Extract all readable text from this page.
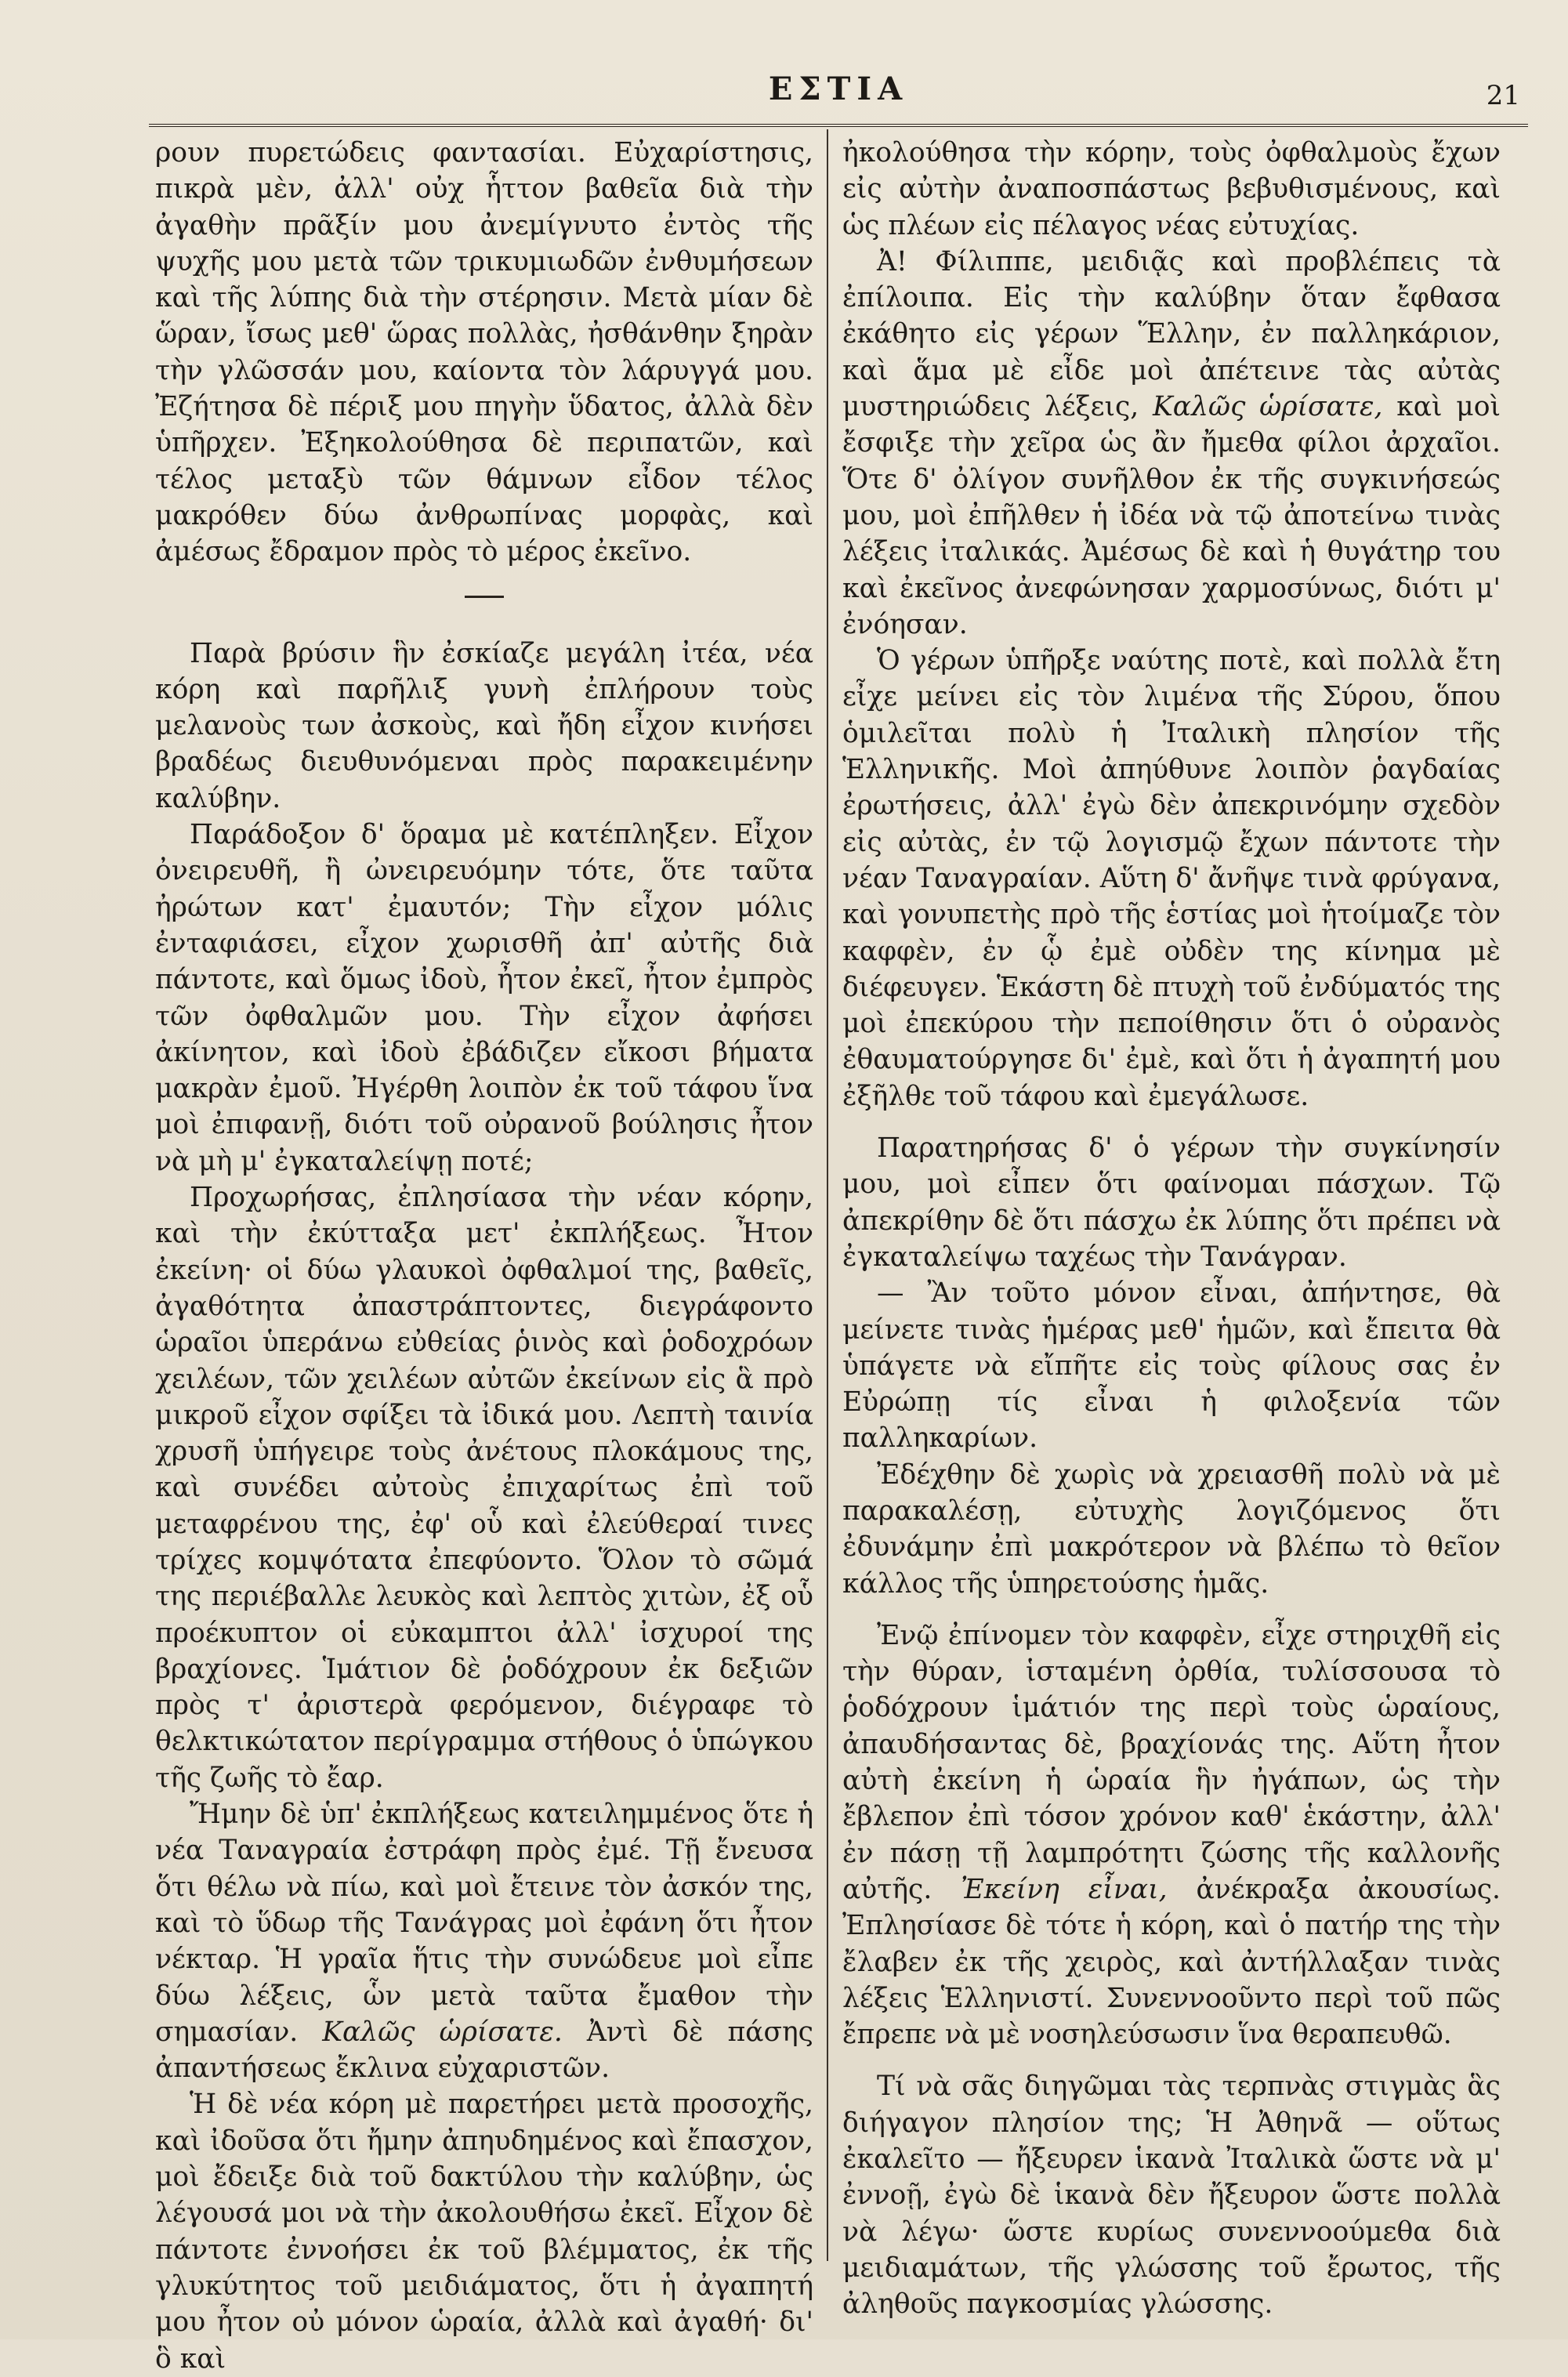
ΕΣΤΙΑ	21

ρουν πυρετώδεις φαντασίαι. Εὐχαρίστησις, πικρὰ μὲν, ἀλλ' οὐχ ἧττον βαθεῖα διὰ τὴν ἀγαθὴν πρᾶξίν μου ἀνεμίγνυτο ἐντὸς τῆς ψυχῆς μου μετὰ τῶν τρικυμιωδῶν ἐνθυμήσεων καὶ τῆς λύπης διὰ τὴν στέρησιν. Μετὰ μίαν δὲ ὥραν, ἴσως μεθ' ὥρας πολλὰς, ἠσθάνθην ξηρὰν τὴν γλῶσσάν μου, καίοντα τὸν λάρυγγά μου. Ἐζήτησα δὲ πέριξ μου πηγὴν ὕδατος, ἀλλὰ δὲν ὑπῆρχεν. Ἐξηκολούθησα δὲ περιπατῶν, καὶ τέλος μεταξὺ τῶν θάμνων εἶδον τέλος μακρόθεν δύω ἀνθρωπίνας μορφὰς, καὶ ἀμέσως ἔδραμον πρὸς τὸ μέρος ἐκεῖνο.

Παρὰ βρύσιν ἣν ἐσκίαζε μεγάλη ἰτέα, νέα κόρη καὶ παρῆλιξ γυνὴ ἐπλήρουν τοὺς μελανοὺς των ἀσκοὺς, καὶ ἤδη εἶχον κινήσει βραδέως διευθυνόμεναι πρὸς παρακειμένην καλύβην.

Παράδοξον δ' ὅραμα μὲ κατέπληξεν. Εἶχον ὀνειρευθῆ, ἢ ὠνειρευόμην τότε, ὅτε ταῦτα ἠρώτων κατ' ἐμαυτόν; Τὴν εἶχον μόλις ἐνταφιάσει, εἶχον χωρισθῆ ἀπ' αὐτῆς διὰ πάντοτε, καὶ ὅμως ἰδοὺ, ἦτον ἐκεῖ, ἦτον ἐμπρὸς τῶν ὀφθαλμῶν μου. Τὴν εἶχον ἀφήσει ἀκίνητον, καὶ ἰδοὺ ἐβάδιζεν εἴκοσι βήματα μακρὰν ἐμοῦ. Ἠγέρθη λοιπὸν ἐκ τοῦ τάφου ἵνα μοὶ ἐπιφανῇ, διότι τοῦ οὐρανοῦ βούλησις ἦτον νὰ μὴ μ' ἐγκαταλείψῃ ποτέ;

Προχωρήσας, ἐπλησίασα τὴν νέαν κόρην, καὶ τὴν ἐκύτταξα μετ' ἐκπλήξεως. Ἦτον ἐκείνη· οἱ δύω γλαυκοὶ ὀφθαλμοί της, βαθεῖς, ἀγαθότητα ἀπαστράπτοντες, διεγράφοντο ὡραῖοι ὑπεράνω εὐθείας ῥινὸς καὶ ῥοδοχρόων χειλέων, τῶν χειλέων αὐτῶν ἐκείνων εἰς ἃ πρὸ μικροῦ εἶχον σφίξει τὰ ἰδικά μου. Λεπτὴ ταινία χρυσῆ ὑπήγειρε τοὺς ἀνέτους πλοκάμους της, καὶ συνέδει αὐτοὺς ἐπιχαρίτως ἐπὶ τοῦ μεταφρένου της, ἐφ' οὗ καὶ ἐλεύθεραί τινες τρίχες κομψότατα ἐπεφύοντο. Ὅλον τὸ σῶμά της περιέβαλλε λευκὸς καὶ λεπτὸς χιτὼν, ἐξ οὗ προέκυπτον οἱ εὐκαμπτοι ἀλλ' ἰσχυροί της βραχίονες. Ἱμάτιον δὲ ῥοδόχρουν ἐκ δεξιῶν πρὸς τ' ἀριστερὰ φερόμενον, διέγραφε τὸ θελκτικώτατον περίγραμμα στήθους ὁ ὑπώγκου τῆς ζωῆς τὸ ἔαρ.

Ἤμην δὲ ὑπ' ἐκπλήξεως κατειλημμένος ὅτε ἡ νέα Ταναγραία ἐστράφη πρὸς ἐμέ. Τῇ ἔνευσα ὅτι θέλω νὰ πίω, καὶ μοὶ ἔτεινε τὸν ἀσκόν της, καὶ τὸ ὕδωρ τῆς Τανάγρας μοὶ ἐφάνη ὅτι ἦτον νέκταρ. Ἡ γραῖα ἥτις τὴν συνώδευε μοὶ εἶπε δύω λέξεις, ὧν μετὰ ταῦτα ἔμαθον τὴν σημασίαν. Καλῶς ὡρίσατε. Ἀντὶ δὲ πάσης ἀπαντήσεως ἔκλινα εὐχαριστῶν.

Ἡ δὲ νέα κόρη μὲ παρετήρει μετὰ προσοχῆς, καὶ ἰδοῦσα ὅτι ἤμην ἀπηυδημένος καὶ ἔπασχον, μοὶ ἔδειξε διὰ τοῦ δακτύλου τὴν καλύβην, ὡς λέγουσά μοι νὰ τὴν ἀκολουθήσω ἐκεῖ. Εἶχον δὲ πάντοτε ἐννοήσει ἐκ τοῦ βλέμματος, ἐκ τῆς γλυκύτητος τοῦ μειδιάματος, ὅτι ἡ ἀγαπητή μου ἦτον οὐ μόνον ὡραία, ἀλλὰ καὶ ἀγαθή· δι' ὃ καὶ

ἠκολούθησα τὴν κόρην, τοὺς ὀφθαλμοὺς ἔχων εἰς αὐτὴν ἀναποσπάστως βεβυθισμένους, καὶ ὡς πλέων εἰς πέλαγος νέας εὐτυχίας.

Ἀ! Φίλιππε, μειδιᾷς καὶ προβλέπεις τὰ ἐπίλοιπα. Εἰς τὴν καλύβην ὅταν ἔφθασα ἐκάθητο εἰς γέρων Ἕλλην, ἐν παλληκάριον, καὶ ἅμα μὲ εἶδε μοὶ ἀπέτεινε τὰς αὐτὰς μυστηριώδεις λέξεις, Καλῶς ὡρίσατε, καὶ μοὶ ἔσφιξε τὴν χεῖρα ὡς ἂν ἤμεθα φίλοι ἀρχαῖοι. Ὅτε δ' ὀλίγον συνῆλθον ἐκ τῆς συγκινήσεώς μου, μοὶ ἐπῆλθεν ἡ ἰδέα νὰ τῷ ἀποτείνω τινὰς λέξεις ἰταλικάς. Ἀμέσως δὲ καὶ ἡ θυγάτηρ του καὶ ἐκεῖνος ἀνεφώνησαν χαρμοσύνως, διότι μ' ἐνόησαν.

Ὁ γέρων ὑπῆρξε ναύτης ποτὲ, καὶ πολλὰ ἔτη εἶχε μείνει εἰς τὸν λιμένα τῆς Σύρου, ὅπου ὁμιλεῖται πολὺ ἡ Ἰταλικὴ πλησίον τῆς Ἑλληνικῆς. Μοὶ ἀπηύθυνε λοιπὸν ῥαγδαίας ἐρωτήσεις, ἀλλ' ἐγὼ δὲν ἀπεκρινόμην σχεδὸν εἰς αὐτὰς, ἐν τῷ λογισμῷ ἔχων πάντοτε τὴν νέαν Ταναγραίαν. Αὕτη δ' ἄνῆψε τινὰ φρύγανα, καὶ γονυπετὴς πρὸ τῆς ἑστίας μοὶ ἡτοίμαζε τὸν καφφὲν, ἐν ᾧ ἐμὲ οὐδὲν της κίνημα μὲ διέφευγεν. Ἑκάστη δὲ πτυχὴ τοῦ ἐνδύματός της μοὶ ἐπεκύρου τὴν πεποίθησιν ὅτι ὁ οὐρανὸς ἐθαυματούργησε δι' ἐμὲ, καὶ ὅτι ἡ ἀγαπητή μου ἐξῆλθε τοῦ τάφου καὶ ἐμεγάλωσε.

Παρατηρήσας δ' ὁ γέρων τὴν συγκίνησίν μου, μοὶ εἶπεν ὅτι φαίνομαι πάσχων. Τῷ ἀπεκρίθην δὲ ὅτι πάσχω ἐκ λύπης ὅτι πρέπει νὰ ἐγκαταλείψω ταχέως τὴν Τανάγραν.

— Ἂν τοῦτο μόνον εἶναι, ἀπήντησε, θὰ μείνετε τινὰς ἡμέρας μεθ' ἡμῶν, καὶ ἔπειτα θὰ ὑπάγετε νὰ εἴπῆτε εἰς τοὺς φίλους σας ἐν Εὐρώπῃ τίς εἶναι ἡ φιλοξενία τῶν παλληκαρίων.

Ἐδέχθην δὲ χωρὶς νὰ χρειασθῆ πολὺ νὰ μὲ παρακαλέσῃ, εὐτυχὴς λογιζόμενος ὅτι ἐδυνάμην ἐπὶ μακρότερον νὰ βλέπω τὸ θεῖον κάλλος τῆς ὑπηρετούσης ἡμᾶς.

Ἐνῷ ἐπίνομεν τὸν καφφὲν, εἶχε στηριχθῆ εἰς τὴν θύραν, ἱσταμένη ὀρθία, τυλίσσουσα τὸ ῥοδόχρουν ἱμάτιόν της περὶ τοὺς ὡραίους, ἀπαυδήσαντας δὲ, βραχίονάς της. Αὕτη ἦτον αὐτὴ ἐκείνη ἡ ὡραία ἣν ἠγάπων, ὡς τὴν ἔβλεπον ἐπὶ τόσον χρόνον καθ' ἑκάστην, ἀλλ' ἐν πάσῃ τῇ λαμπρότητι ζώσης τῆς καλλονῆς αὐτῆς. Ἐκείνη εἶναι, ἀνέκραξα ἀκουσίως. Ἐπλησίασε δὲ τότε ἡ κόρη, καὶ ὁ πατήρ της τὴν ἔλαβεν ἐκ τῆς χειρὸς, καὶ ἀντήλλαξαν τινὰς λέξεις Ἑλληνιστί. Συνεννοοῦντο περὶ τοῦ πῶς ἔπρεπε νὰ μὲ νοσηλεύσωσιν ἵνα θεραπευθῶ.

Τί νὰ σᾶς διηγῶμαι τὰς τερπνὰς στιγμὰς ἃς διήγαγον πλησίον της; Ἡ Ἀθηνᾶ — οὕτως ἐκαλεῖτο — ἤξευρεν ἱκανὰ Ἰταλικὰ ὥστε νὰ μ' ἐννοῇ, ἐγὼ δὲ ἱκανὰ δὲν ἤξευρον ὥστε πολλὰ νὰ λέγω· ὥστε κυρίως συνεννοούμεθα διὰ μειδιαμάτων, τῆς γλώσσης τοῦ ἔρωτος, τῆς ἀληθοῦς παγκοσμίας γλώσσης.
